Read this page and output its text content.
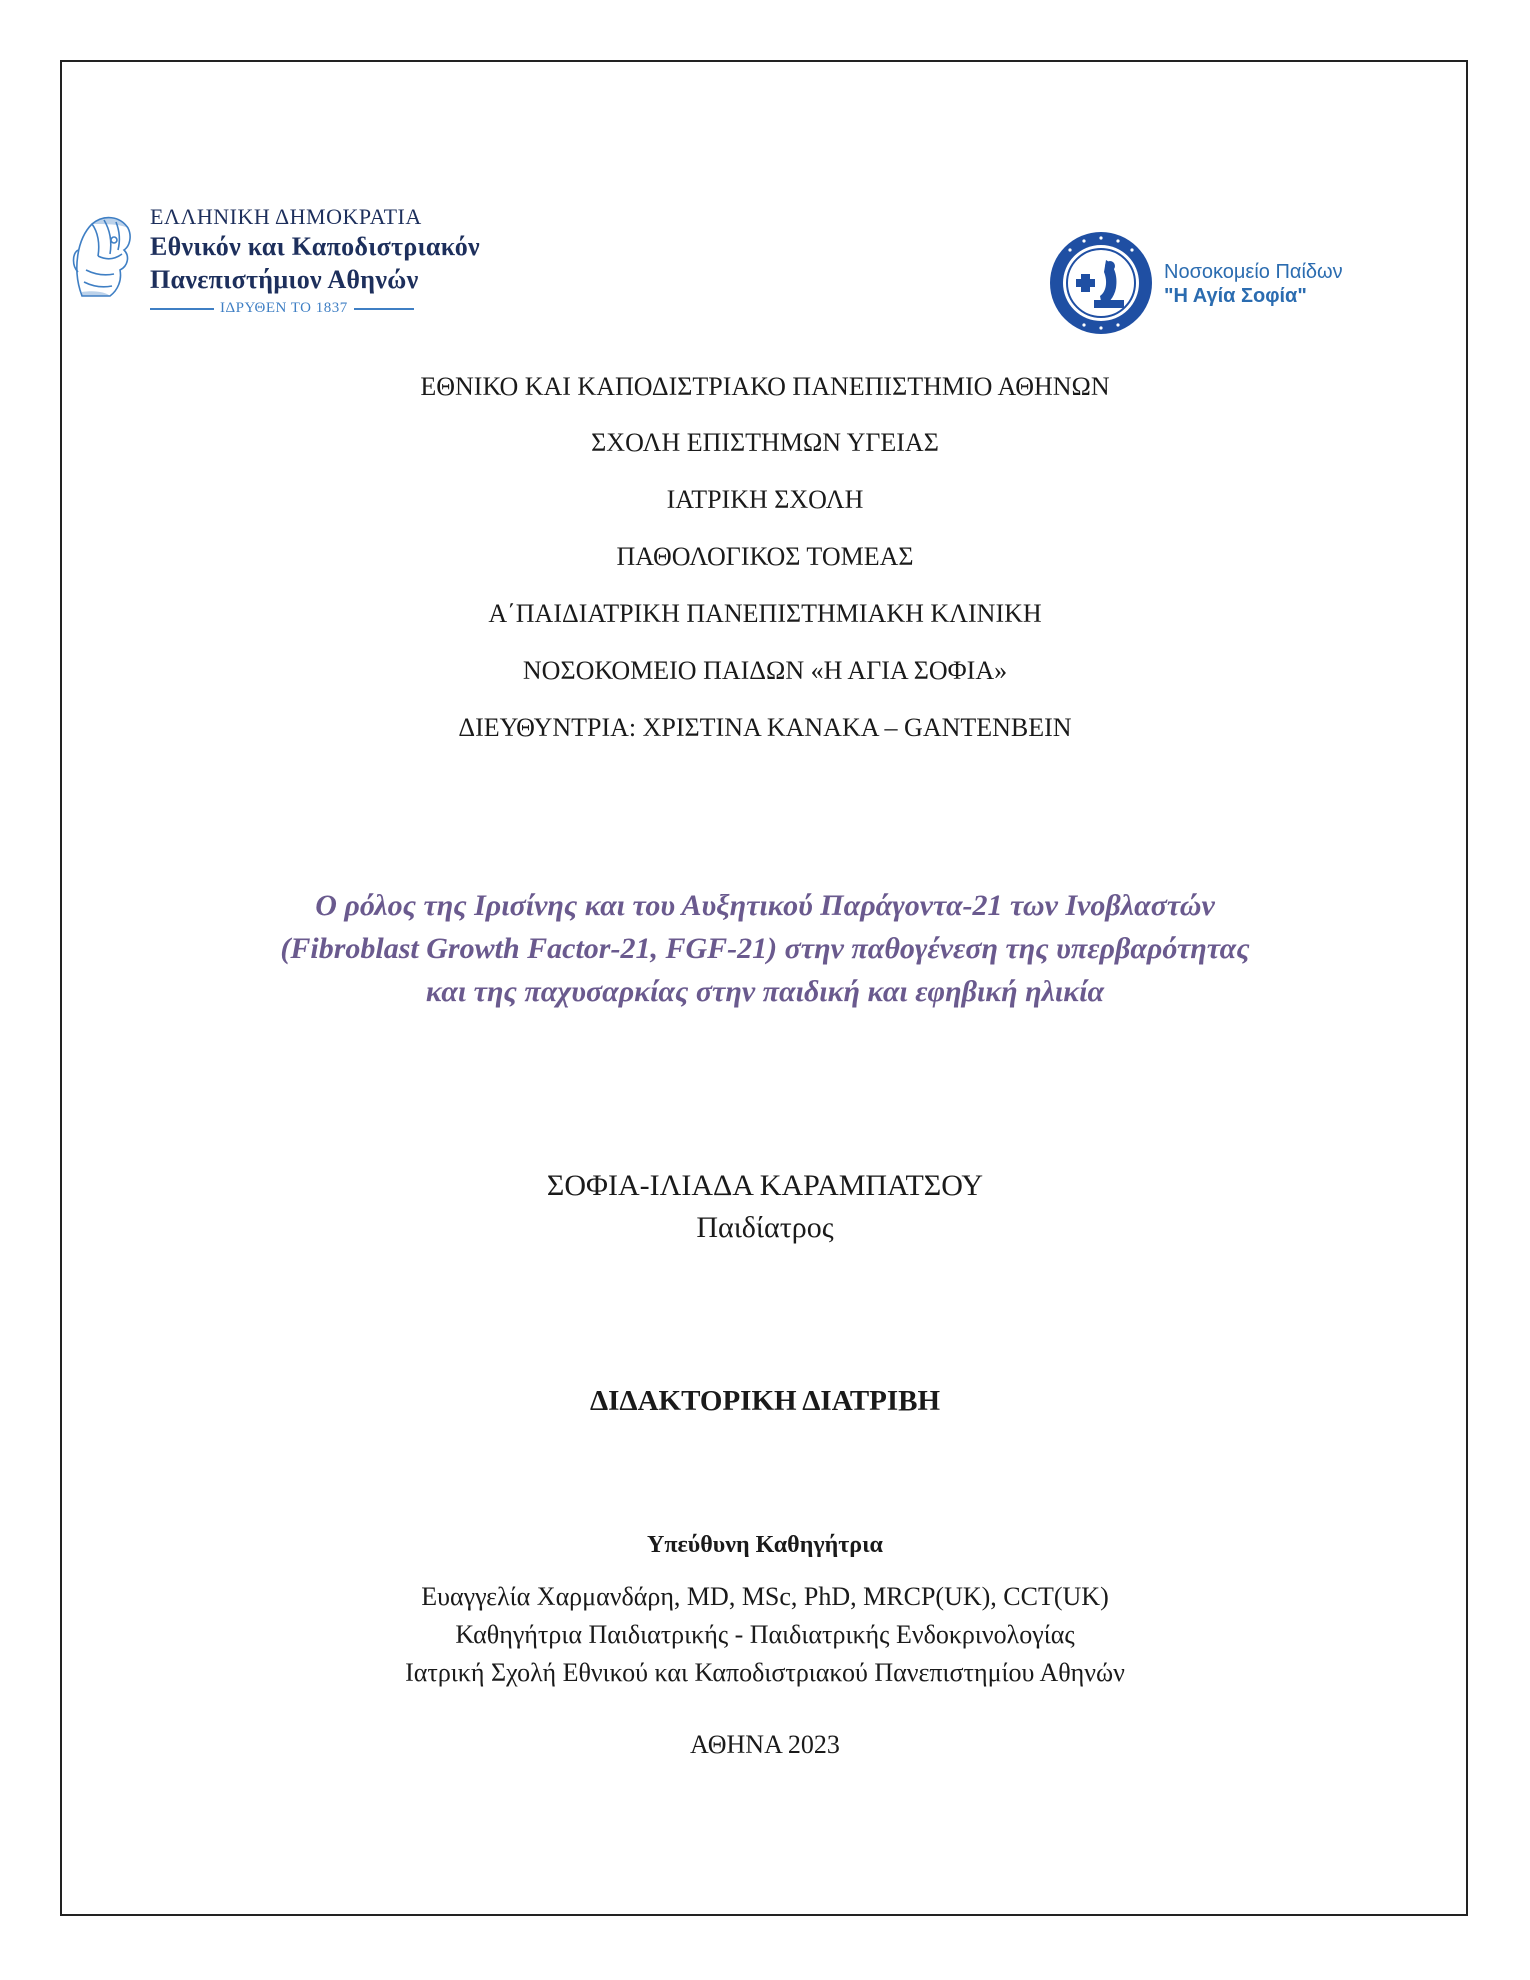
ΕΛΛΗΝΙΚΗ ΔΗΜΟΚΡΑΤΙΑ
Εθνικόν και Καποδιστριακόν
Πανεπιστήμιον Αθηνών
ΙΔΡΥΘΕΝ ΤΟ 1837
Νοσοκομείο Παίδων
"Η Αγία Σοφία"
ΕΘΝΙΚΟ ΚΑΙ ΚΑΠΟΔΙΣΤΡΙΑΚΟ ΠΑΝΕΠΙΣΤΗΜΙΟ ΑΘΗΝΩΝ
ΣΧΟΛΗ ΕΠΙΣΤΗΜΩΝ ΥΓΕΙΑΣ
ΙΑΤΡΙΚΗ ΣΧΟΛΗ
ΠΑΘΟΛΟΓΙΚΟΣ ΤΟΜΕΑΣ
Α΄ΠΑΙΔΙΑΤΡΙΚΗ ΠΑΝΕΠΙΣΤΗΜΙΑΚΗ ΚΛΙΝΙΚΗ
ΝΟΣΟΚΟΜΕΙΟ ΠΑΙΔΩΝ «Η ΑΓΙΑ ΣΟΦΙΑ»
ΔΙΕΥΘΥΝΤΡΙΑ: ΧΡΙΣΤΙΝΑ ΚΑΝΑΚΑ – GANTENBEIN
Ο ρόλος της Ιρισίνης και του Αυξητικού Παράγοντα-21 των Ινοβλαστών
(Fibroblast Growth Factor-21, FGF-21) στην παθογένεση της υπερβαρότητας
και της παχυσαρκίας στην παιδική και εφηβική ηλικία
ΣΟΦΙΑ-ΙΛΙΑΔΑ ΚΑΡΑΜΠΑΤΣΟΥ
Παιδίατρος
ΔΙΔΑΚΤΟΡΙΚΗ ΔΙΑΤΡΙΒΗ
Υπεύθυνη Καθηγήτρια
Ευαγγελία Χαρμανδάρη, MD, MSc, PhD, MRCP(UK), CCT(UK)
Καθηγήτρια Παιδιατρικής - Παιδιατρικής Ενδοκρινολογίας
Ιατρική Σχολή Εθνικού και Καποδιστριακού Πανεπιστημίου Αθηνών
ΑΘΗΝΑ 2023
